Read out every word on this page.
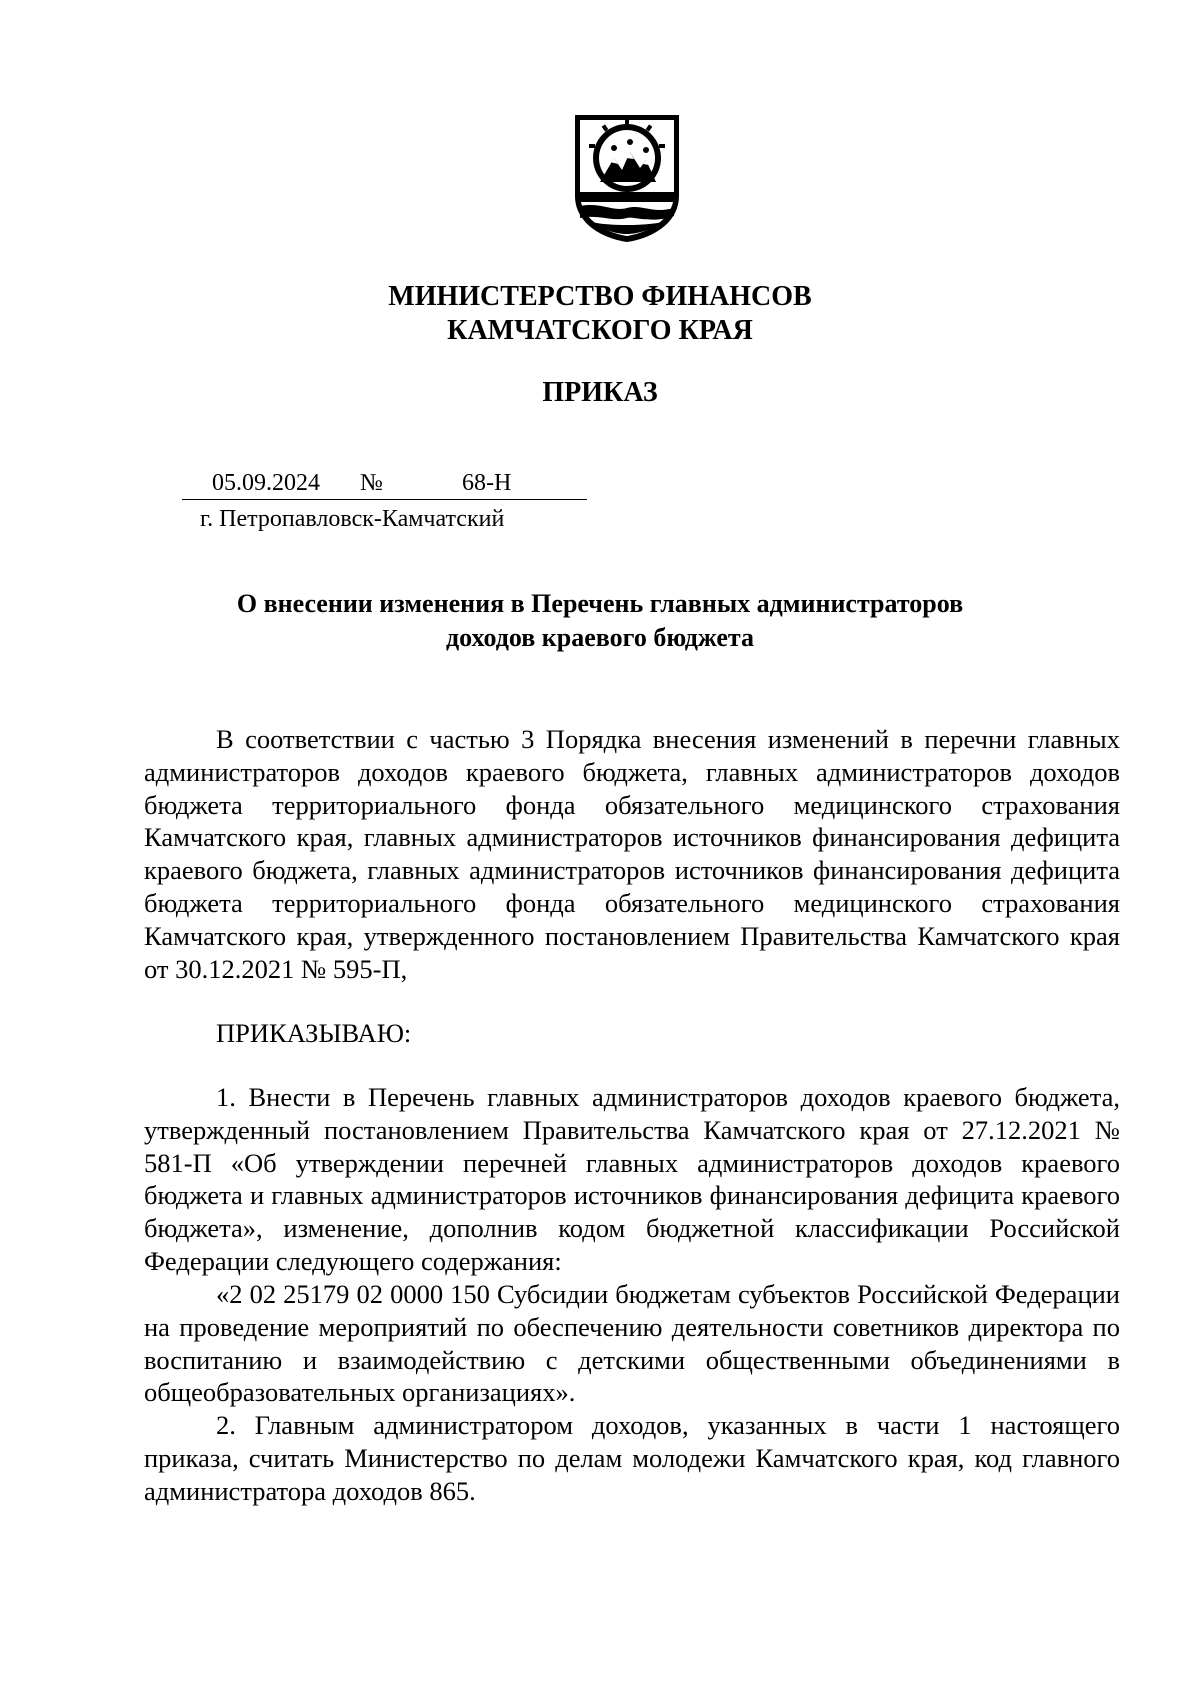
МИНИСТЕРСТВО ФИНАНСОВ
КАМЧАТСКОГО КРАЯ
ПРИКАЗ
05.09.2024 №	68-Н
г. Петропавловск-Камчатский
О внесении изменения в Перечень главных администраторов
доходов краевого бюджета
В соответствии с частью 3 Порядка внесения изменений в перечни главных администраторов доходов краевого бюджета, главных администраторов доходов бюджета территориального фонда обязательного медицинского страхования Камчатского края, главных администраторов источников финансирования дефицита краевого бюджета, главных администраторов источников финансирования дефицита бюджета территориального фонда обязательного медицинского страхования Камчатского края, утвержденного постановлением Правительства Камчатского края от 30.12.2021 № 595-П,
ПРИКАЗЫВАЮ:
1. Внести в Перечень главных администраторов доходов краевого бюджета, утвержденный постановлением Правительства Камчатского края от 27.12.2021 № 581-П «Об утверждении перечней главных администраторов доходов краевого бюджета и главных администраторов источников финансирования дефицита краевого бюджета», изменение, дополнив кодом бюджетной классификации Российской Федерации следующего содержания:
«2 02 25179 02 0000 150 Субсидии бюджетам субъектов Российской Федерации на проведение мероприятий по обеспечению деятельности советников директора по воспитанию и взаимодействию с детскими общественными объединениями в общеобразовательных организациях».
2. Главным администратором доходов, указанных в части 1 настоящего приказа, считать Министерство по делам молодежи Камчатского края, код главного администратора доходов 865.
